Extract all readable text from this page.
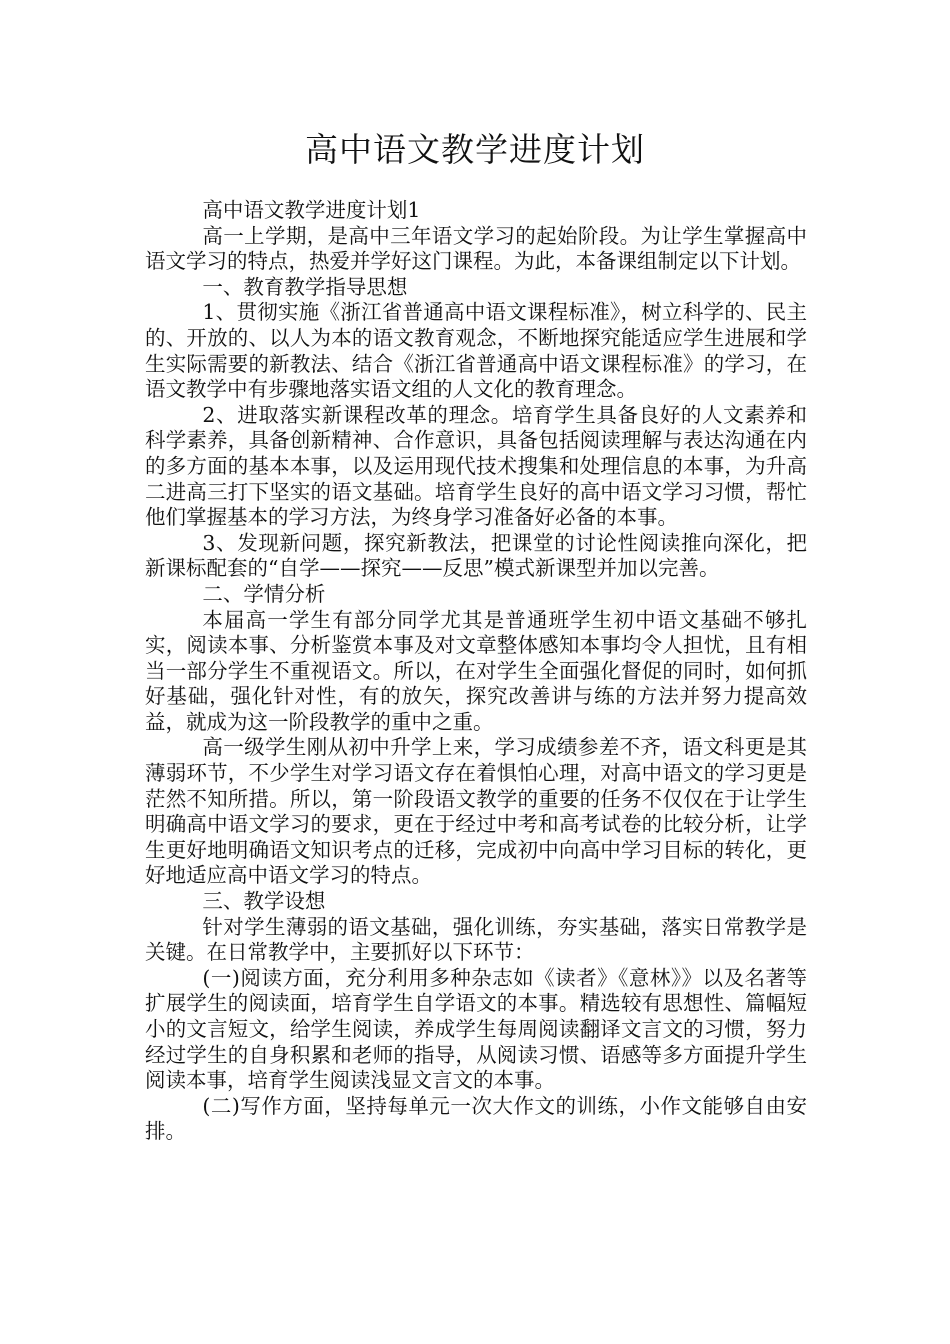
高中语文教学进度计划

高中语文教学进度计划1

高一上学期，是高中三年语文学习的起始阶段。为让学生掌握高中语文学习的特点，热爱并学好这门课程。为此，本备课组制定以下计划。

一、教育教学指导思想

1、贯彻实施《浙江省普通高中语文课程标准》，树立科学的、民主的、开放的、以人为本的语文教育观念，不断地探究能适应学生进展和学生实际需要的新教法、结合《浙江省普通高中语文课程标准》的学习，在语文教学中有步骤地落实语文组的人文化的教育理念。

2、进取落实新课程改革的理念。培育学生具备良好的人文素养和科学素养，具备创新精神、合作意识，具备包括阅读理解与表达沟通在内的多方面的基本本事，以及运用现代技术搜集和处理信息的本事，为升高二进高三打下坚实的语文基础。培育学生良好的高中语文学习习惯，帮忙他们掌握基本的学习方法，为终身学习准备好必备的本事。

3、发现新问题，探究新教法，把课堂的讨论性阅读推向深化，把新课标配套的“自学——探究——反思”模式新课型并加以完善。

二、学情分析

本届高一学生有部分同学尤其是普通班学生初中语文基础不够扎实，阅读本事、分析鉴赏本事及对文章整体感知本事均令人担忧，且有相当一部分学生不重视语文。所以，在对学生全面强化督促的同时，如何抓好基础，强化针对性，有的放矢，探究改善讲与练的方法并努力提高效益，就成为这一阶段教学的重中之重。

高一级学生刚从初中升学上来，学习成绩参差不齐，语文科更是其薄弱环节，不少学生对学习语文存在着惧怕心理，对高中语文的学习更是茫然不知所措。所以，第一阶段语文教学的重要的任务不仅仅在于让学生明确高中语文学习的要求，更在于经过中考和高考试卷的比较分析，让学生更好地明确语文知识考点的迁移，完成初中向高中学习目标的转化，更好地适应高中语文学习的特点。

三、教学设想

针对学生薄弱的语文基础，强化训练，夯实基础，落实日常教学是关键。在日常教学中，主要抓好以下环节：

(一)阅读方面，充分利用多种杂志如《读者》《意林》》以及名著等扩展学生的阅读面，培育学生自学语文的本事。精选较有思想性、篇幅短小的文言短文，给学生阅读，养成学生每周阅读翻译文言文的习惯，努力经过学生的自身积累和老师的指导，从阅读习惯、语感等多方面提升学生阅读本事，培育学生阅读浅显文言文的本事。

(二)写作方面，坚持每单元一次大作文的训练，小作文能够自由安排。
